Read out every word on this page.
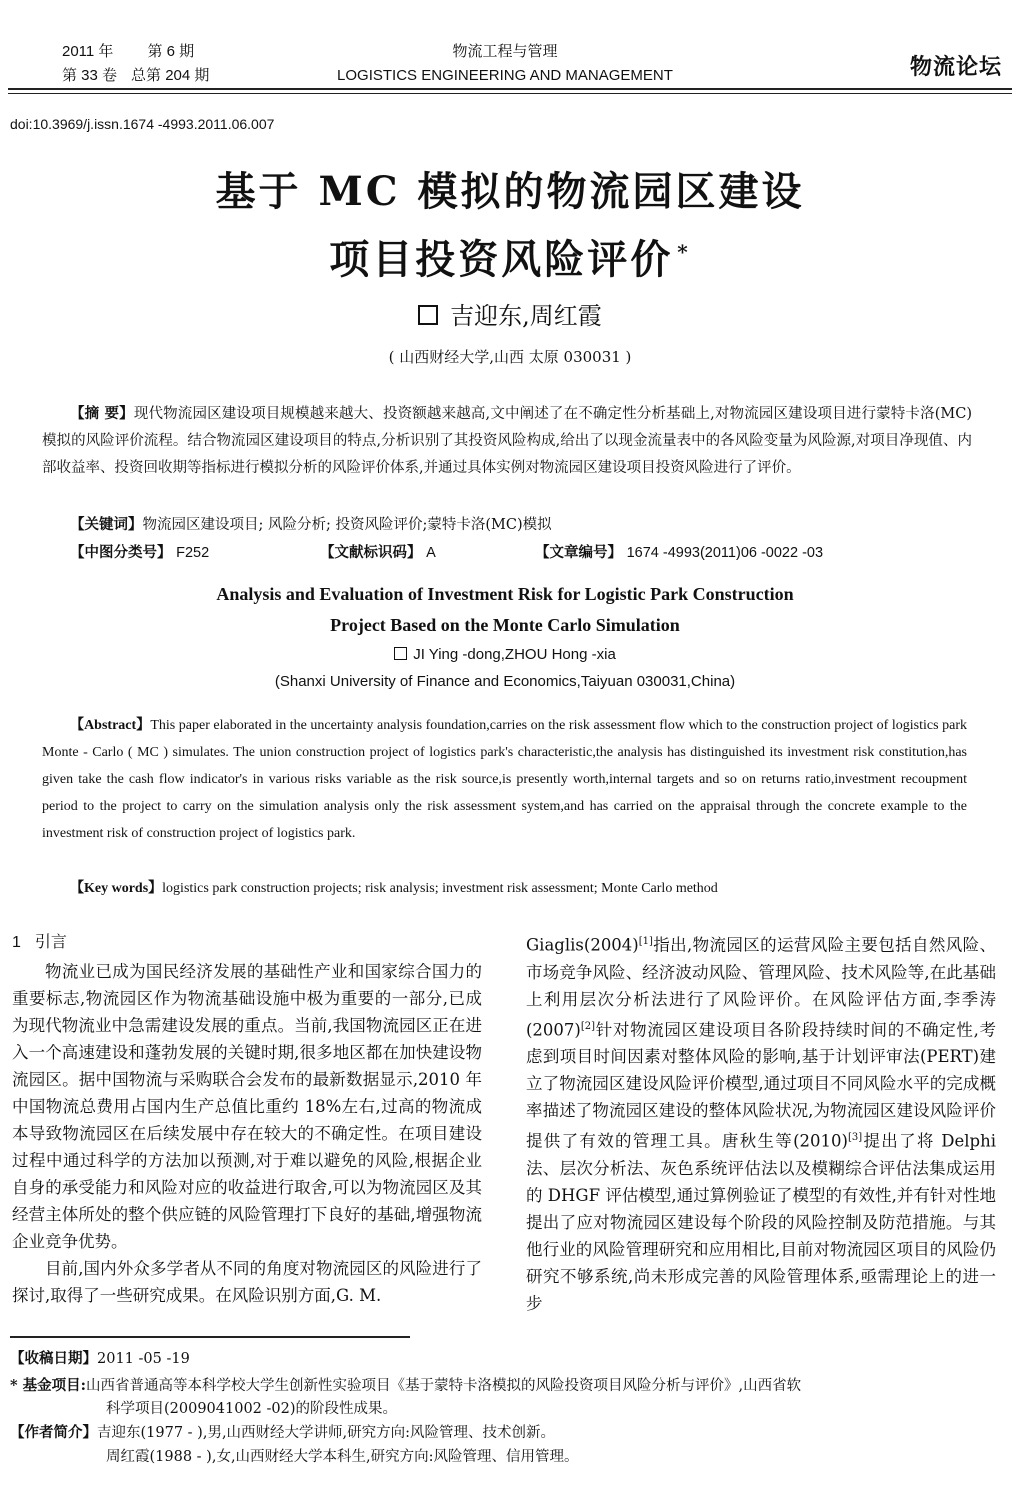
2011 年 第 6 期
第 33 卷 总第 204 期
物流工程与管理
LOGISTICS ENGINEERING AND MANAGEMENT	物流论坛
doi:10.3969/j.issn.1674 -4993.2011.06.007
基于 MC 模拟的物流园区建设
项目投资风险评价 *
吉迎东,周红霞
( 山西财经大学,山西 太原 030031 )
【摘 要】现代物流园区建设项目规模越来越大、投资额越来越高,文中阐述了在不确定性分析基础上,对物流园区建设项目进行蒙特卡洛(MC)模拟的风险评价流程。结合物流园区建设项目的特点,分析识别了其投资风险构成,给出了以现金流量表中的各风险变量为风险源,对项目净现值、内部收益率、投资回收期等指标进行模拟分析的风险评价体系,并通过具体实例对物流园区建设项目投资风险进行了评价。
【关键词】物流园区建设项目; 风险分析; 投资风险评价;蒙特卡洛(MC)模拟
【中图分类号】 F252	【文献标识码】 A	【文章编号】 1674 -4993(2011)06 -0022 -03
Analysis and Evaluation of Investment Risk for Logistic Park Construction
Project Based on the Monte Carlo Simulation
JI Ying -dong,ZHOU Hong -xia
(Shanxi University of Finance and Economics,Taiyuan 030031,China)
【Abstract】This paper elaborated in the uncertainty analysis foundation,carries on the risk assessment flow which to the construction project of logistics park Monte - Carlo ( MC ) simulates. The union construction project of logistics park's characteristic,the analysis has distinguished its investment risk constitution,has given take the cash flow indicator's in various risks variable as the risk source,is presently worth,internal targets and so on returns ratio,investment recoupment period to the project to carry on the simulation analysis only the risk assessment system,and has carried on the appraisal through the concrete example to the investment risk of construction project of logistics park.
【Key words】logistics park construction projects; risk analysis; investment risk assessment; Monte Carlo method
1 引言

物流业已成为国民经济发展的基础性产业和国家综合国力的重要标志,物流园区作为物流基础设施中极为重要的一部分,已成为现代物流业中急需建设发展的重点。当前,我国物流园区正在进入一个高速建设和蓬勃发展的关键时期,很多地区都在加快建设物流园区。据中国物流与采购联合会发布的最新数据显示,2010 年中国物流总费用占国内生产总值比重约 18%左右,过高的物流成本导致物流园区在后续发展中存在较大的不确定性。在项目建设过程中通过科学的方法加以预测,对于难以避免的风险,根据企业自身的承受能力和风险对应的收益进行取舍,可以为物流园区及其经营主体所处的整个供应链的风险管理打下良好的基础,增强物流企业竞争优势。

目前,国内外众多学者从不同的角度对物流园区的风险进行了探讨,取得了一些研究成果。在风险识别方面,G. M.

Giaglis(2004)[1]指出,物流园区的运营风险主要包括自然风险、市场竞争风险、经济波动风险、管理风险、技术风险等,在此基础上利用层次分析法进行了风险评价。在风险评估方面,李季涛(2007)[2]针对物流园区建设项目各阶段持续时间的不确定性,考虑到项目时间因素对整体风险的影响,基于计划评审法(PERT)建立了物流园区建设风险评价模型,通过项目不同风险水平的完成概率描述了物流园区建设的整体风险状况,为物流园区建设风险评价提供了有效的管理工具。唐秋生等(2010)[3]提出了将 Delphi 法、层次分析法、灰色系统评估法以及模糊综合评估法集成运用的 DHGF 评估模型,通过算例验证了模型的有效性,并有针对性地提出了应对物流园区建设每个阶段的风险控制及防范措施。与其他行业的风险管理研究和应用相比,目前对物流园区项目的风险仍研究不够系统,尚未形成完善的风险管理体系,亟需理论上的进一步

【收稿日期】2011 -05 -19
* 基金项目:山西省普通高等本科学校大学生创新性实验项目《基于蒙特卡洛模拟的风险投资项目风险分析与评价》,山西省软
科学项目(2009041002 -02)的阶段性成果。
【作者简介】吉迎东(1977 - ),男,山西财经大学讲师,研究方向:风险管理、技术创新。
周红霞(1988 - ),女,山西财经大学本科生,研究方向:风险管理、信用管理。
